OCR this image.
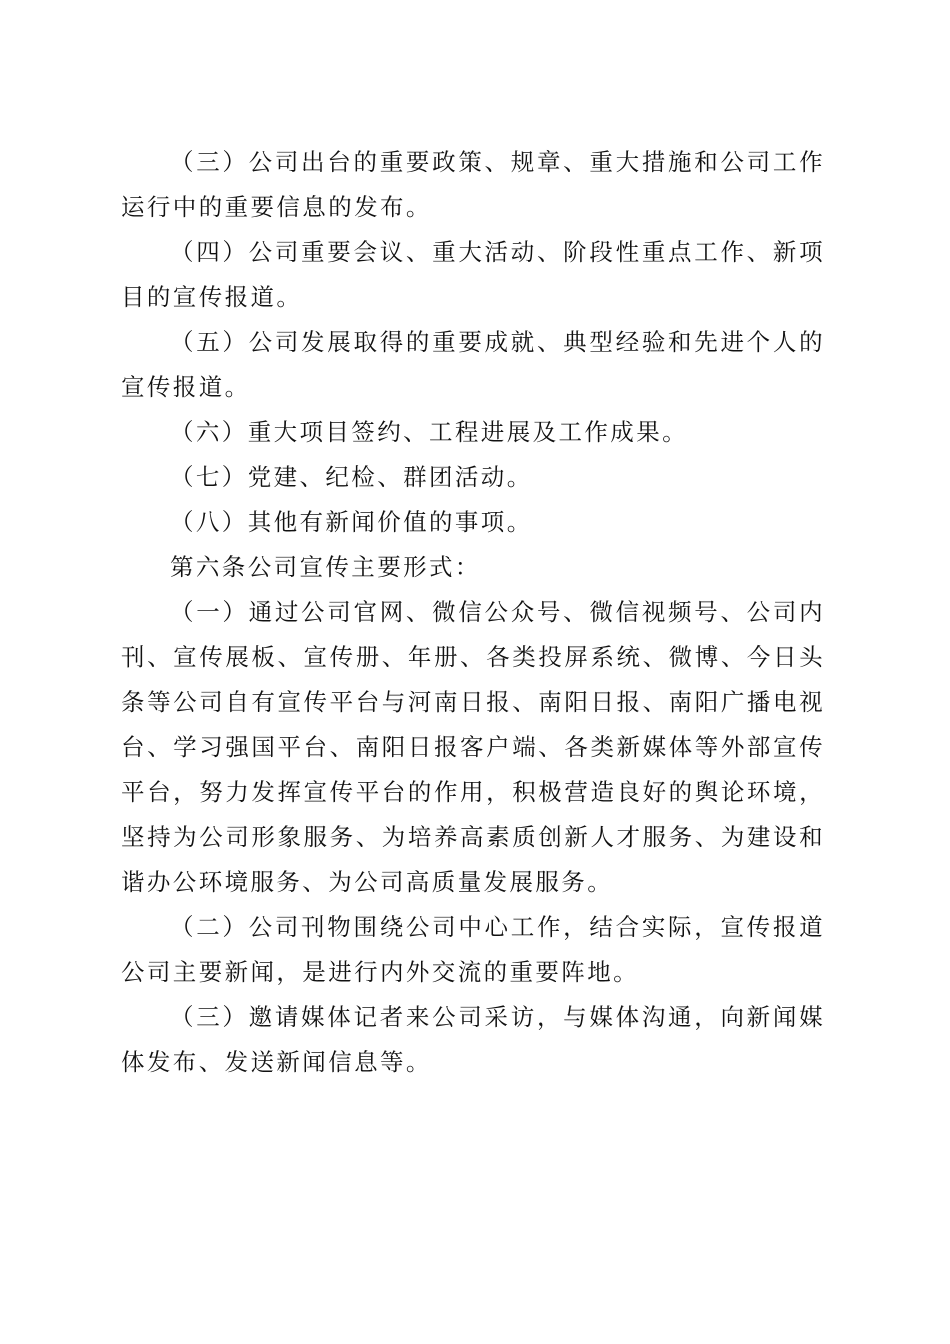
（三）公司出台的重要政策、规章、重大措施和公司工作运行中的重要信息的发布。

（四）公司重要会议、重大活动、阶段性重点工作、新项目的宣传报道。

（五）公司发展取得的重要成就、典型经验和先进个人的宣传报道。

（六）重大项目签约、工程进展及工作成果。

（七）党建、纪检、群团活动。

（八）其他有新闻价值的事项。

第六条公司宣传主要形式：

（一）通过公司官网、微信公众号、微信视频号、公司内刊、宣传展板、宣传册、年册、各类投屏系统、微博、今日头条等公司自有宣传平台与河南日报、南阳日报、南阳广播电视台、学习强国平台、南阳日报客户端、各类新媒体等外部宣传平台，努力发挥宣传平台的作用，积极营造良好的舆论环境，坚持为公司形象服务、为培养高素质创新人才服务、为建设和谐办公环境服务、为公司高质量发展服务。

（二）公司刊物围绕公司中心工作，结合实际，宣传报道公司主要新闻，是进行内外交流的重要阵地。

（三）邀请媒体记者来公司采访，与媒体沟通，向新闻媒体发布、发送新闻信息等。
